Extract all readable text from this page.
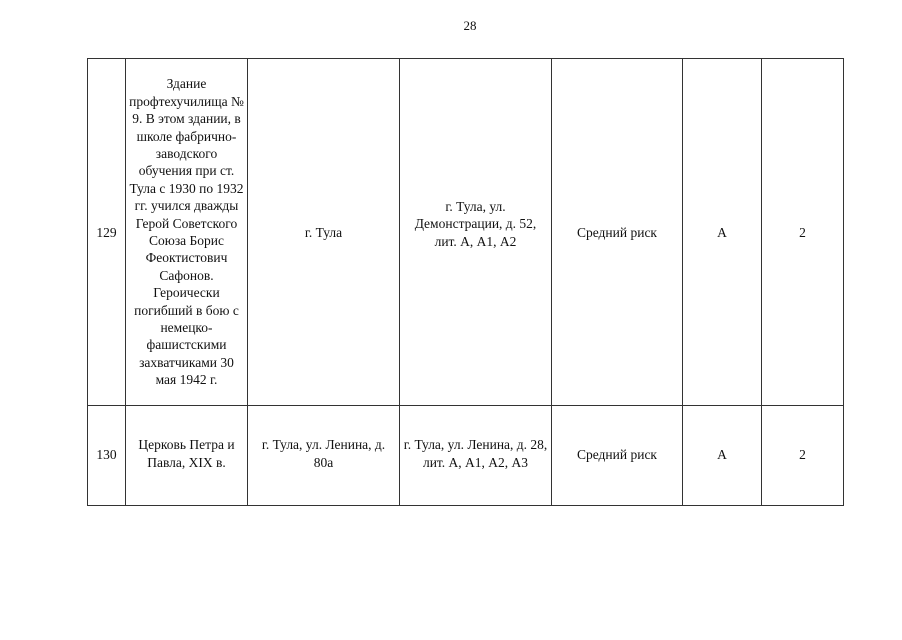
28
129	Здание профтехучилища № 9. В этом здании, в школе фабрично-заводского обучения при ст. Тула с 1930 по 1932 гг. учился дважды Герой Советского Союза Борис Феоктистович Сафонов. Героически погибший в бою с немецко-фашистскими захватчиками 30 мая 1942 г.	г. Тула	г. Тула, ул. Демонстрации, д. 52, лит. А, А1, А2	Средний риск	А	2
130	Церковь Петра и Павла, XIX в.	г. Тула, ул. Ленина, д. 80а	г. Тула, ул. Ленина, д. 28, лит. А, А1, А2, А3	Средний риск	А	2
